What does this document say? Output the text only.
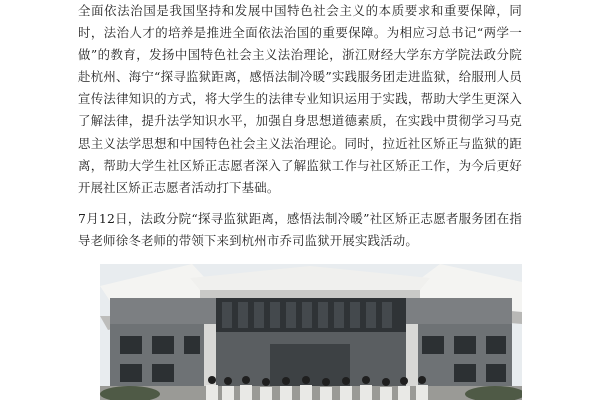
全面依法治国是我国坚持和发展中国特色社会主义的本质要求和重要保障，同时，法治人才的培养是推进全面依法治国的重要保障。为相应习总书记“两学一做”的教育，发扬中国特色社会主义法治理论，浙江财经大学东方学院法政分院赴杭州、海宁“探寻监狱距离，感悟法制冷暖”实践服务团走进监狱，给服刑人员宣传法律知识的方式，将大学生的法律专业知识运用于实践，帮助大学生更深入了解法律，提升法学知识水平，加强自身思想道德素质，在实践中贯彻学习马克思主义法学思想和中国特色社会主义法治理论。同时，拉近社区矫正与监狱的距离，帮助大学生社区矫正志愿者深入了解监狱工作与社区矫正工作，为今后更好开展社区矫正志愿者活动打下基础。

7月12日，法政分院“探寻监狱距离，感悟法制冷暖”社区矫正志愿者服务团在指导老师徐冬老师的带领下来到杭州市乔司监狱开展实践活动。
